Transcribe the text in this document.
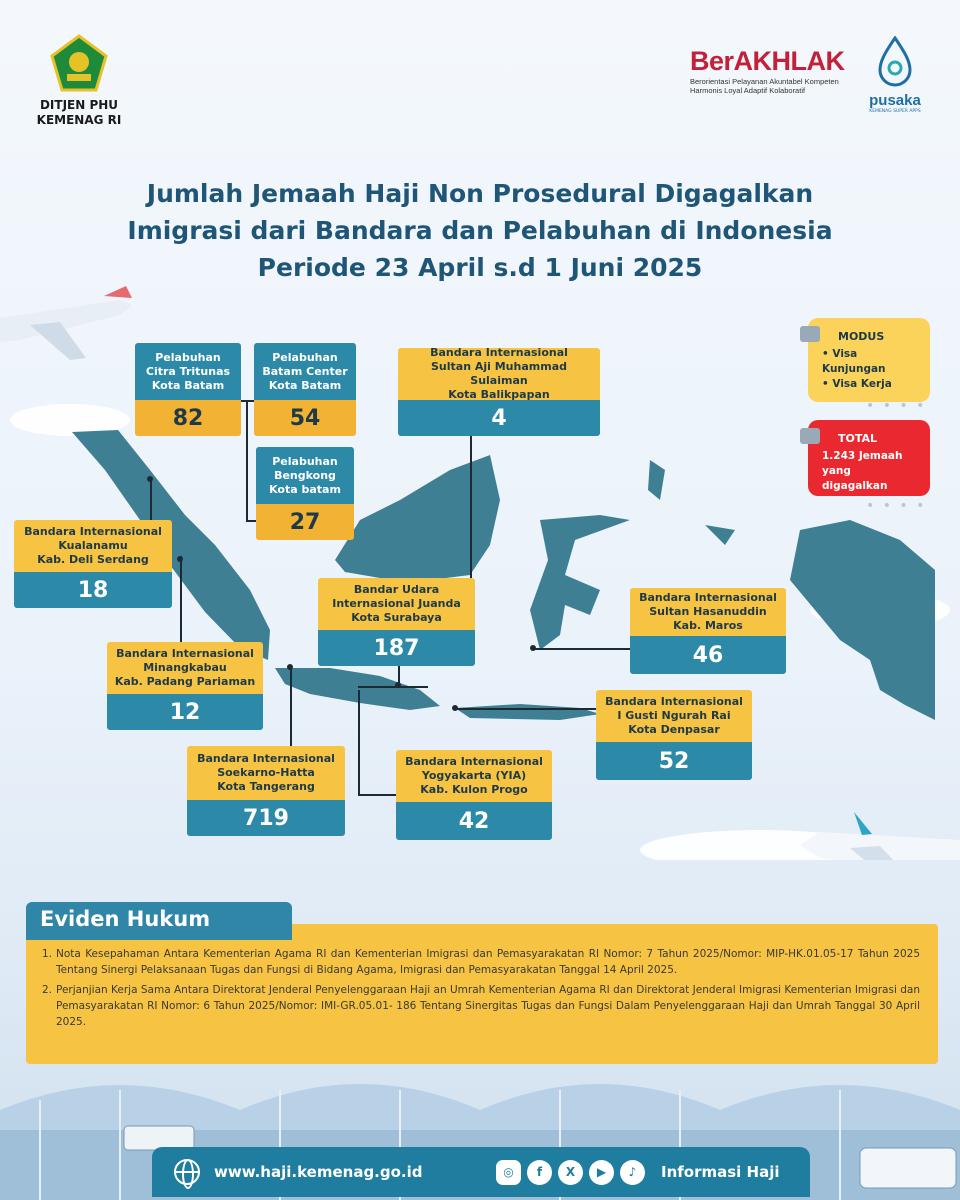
DITJEN PHU
KEMENAG RI
BerAKHLAK
Berorientasi Pelayanan Akuntabel Kompeten
Harmonis Loyal Adaptif Kolaboratif
pusaka
KEMENAG SUPER APPS
Jumlah Jemaah Haji Non Prosedural Digagalkan
Imigrasi dari Bandara dan Pelabuhan di Indonesia
Periode 23 April s.d 1 Juni 2025
Pelabuhan
Citra Tritunas
Kota Batam
82
Pelabuhan
Batam Center
Kota Batam
54
Pelabuhan
Bengkong
Kota batam
27
Bandara Internasional
Sultan Aji Muhammad Sulaiman
Kota Balikpapan
4
Bandara Internasional
Kualanamu
Kab. Deli Serdang
18	Bandar Udara
Internasional Juanda
Kota Surabaya
187
Bandara Internasional
Sultan Hasanuddin
Kab. Maros
46
Bandara Internasional
Minangkabau
Kab. Padang Pariaman
12	Bandara Internasional
I Gusti Ngurah Rai
Kota Denpasar
52
Bandara Internasional
Soekarno-Hatta
Kota Tangerang
719
Bandara Internasional
Yogyakarta (YIA)
Kab. Kulon Progo
42
MODUS
• Visa Kunjungan
• Visa Kerja
• • • •
TOTAL
1.243 Jemaah
yang digagalkan
• • • •
1. Nota Kesepahaman Antara Kementerian Agama RI dan Kementerian Imigrasi dan Pemasyarakatan RI Nomor: 7 Tahun 2025/Nomor: MIP-HK.01.05-17 Tahun 2025 Tentang Sinergi Pelaksanaan Tugas dan Fungsi di Bidang Agama, Imigrasi dan Pemasyarakatan Tanggal 14 April 2025.
2. Perjanjian Kerja Sama Antara Direktorat Jenderal Penyelenggaraan Haji an Umrah Kementerian Agama RI dan Direktorat Jenderal Imigrasi Kementerian Imigrasi dan Pemasyarakatan RI Nomor: 6 Tahun 2025/Nomor: IMI-GR.05.01- 186 Tentang Sinergitas Tugas dan Fungsi Dalam Penyelenggaraan Haji dan Umrah Tanggal 30 April 2025.
Eviden Hukum
www.haji.kemenag.go.id	◎	f	X	▶	♪	Informasi Haji
